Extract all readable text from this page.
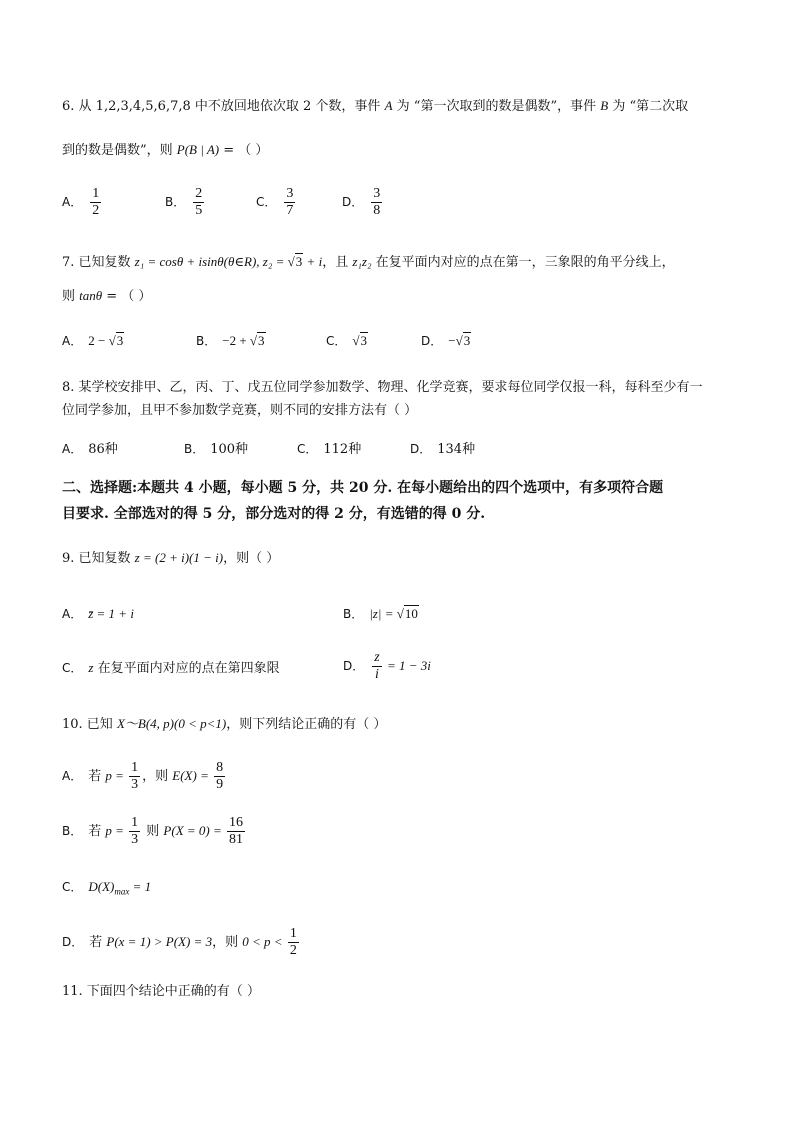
6. 从 1,2,3,4,5,6,7,8 中不放回地依次取 2 个数，事件 A 为 “第一次取到的数是偶数”，事件 B 为 “第二次取
到的数是偶数”，则 P(B | A) = （ ）
A． $\frac{1}{2}$	B． $\frac{2}{5}$	C． $\frac{3}{7}$	D． $\frac{3}{8}$
7. 已知复数 z₁ = cosθ + isinθ(θ∈R), z₂ = √3 + i，且 z₁z₂ 在复平面内对应的点在第一，三象限的角平分线上，
则 tanθ = （ ）
A． 2 − √3	B． −2 + √3	C． √3	D． −√3
8. 某学校安排甲、乙，丙、丁、戊五位同学参加数学、物理、化学竞赛，要求每位同学仅报一科，每科至少有一
位同学参加，且甲不参加数学竞赛，则不同的安排方法有（ ）
A． 86种	B． 100种	C． 112种	D． 134种
二、选择题:本题共 4 小题，每小题 5 分，共 20 分. 在每小题给出的四个选项中，有多项符合题
目要求. 全部选对的得 5 分，部分选对的得 2 分，有选错的得 0 分.
9. 已知复数 z = (2 + i)(1 − i)，则（ ）
A． z̄ = 1 + i	B． |z| = √10
C． z 在复平面内对应的点在第四象限	D． $\frac{z}{i} = 1 - 3i$
10. 已知 X～B(4, p)(0 < p<1)，则下列结论正确的有（ ）
A． 若 $p = \frac{1}{3}$ ，则 $E(X) = \frac{8}{9}$
B． 若 $p = \frac{1}{3}$ 则 $P(X = 0) = \frac{16}{81}$
C． $D(X)_{max} = 1$
D． 若 P(x = 1) > P(X) = 3，则 $0 < p < \frac{1}{2}$
11. 下面四个结论中正确的有（ ）
